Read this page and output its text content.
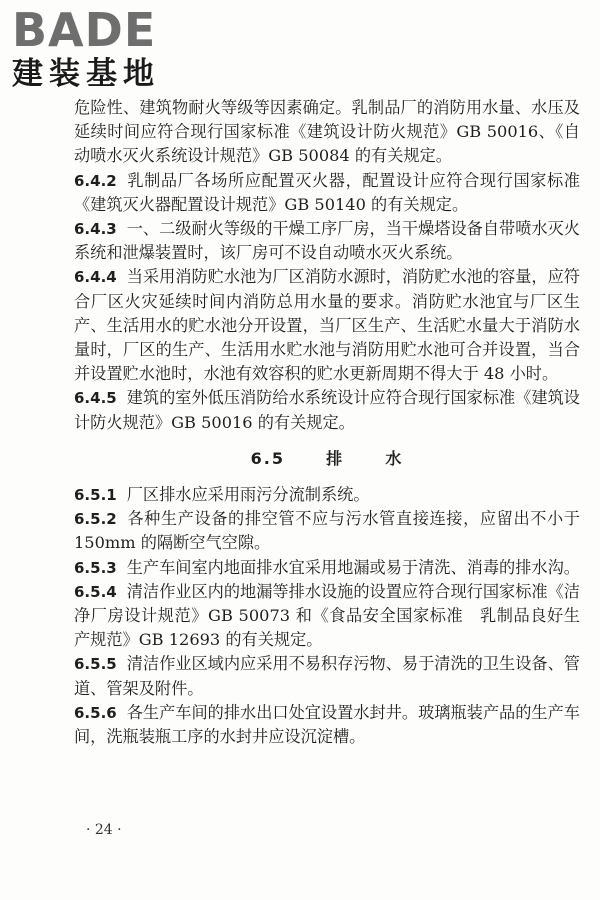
BADE
建装基地

危险性、建筑物耐火等级等因素确定。乳制品厂的消防用水量、水压及延续时间应符合现行国家标准《建筑设计防火规范》GB 50016、《自动喷水灭火系统设计规范》GB 50084 的有关规定。

6.4.2 乳制品厂各场所应配置灭火器，配置设计应符合现行国家标准《建筑灭火器配置设计规范》GB 50140 的有关规定。

6.4.3 一、二级耐火等级的干燥工序厂房，当干燥塔设备自带喷水灭火系统和泄爆装置时，该厂房可不设自动喷水灭火系统。

6.4.4 当采用消防贮水池为厂区消防水源时，消防贮水池的容量，应符合厂区火灾延续时间内消防总用水量的要求。消防贮水池宜与厂区生产、生活用水的贮水池分开设置，当厂区生产、生活贮水量大于消防水量时，厂区的生产、生活用水贮水池与消防用贮水池可合并设置，当合并设置贮水池时，水池有效容积的贮水更新周期不得大于 48 小时。

6.4.5 建筑的室外低压消防给水系统设计应符合现行国家标准《建筑设计防火规范》GB 50016 的有关规定。

6.5	排	水

6.5.1 厂区排水应采用雨污分流制系统。

6.5.2 各种生产设备的排空管不应与污水管直接连接，应留出不小于 150mm 的隔断空气空隙。

6.5.3 生产车间室内地面排水宜采用地漏或易于清洗、消毒的排水沟。

6.5.4 清洁作业区内的地漏等排水设施的设置应符合现行国家标准《洁净厂房设计规范》GB 50073 和《食品安全国家标准　乳制品良好生产规范》GB 12693 的有关规定。

6.5.5 清洁作业区域内应采用不易积存污物、易于清洗的卫生设备、管道、管架及附件。

6.5.6 各生产车间的排水出口处宜设置水封井。玻璃瓶装产品的生产车间，洗瓶装瓶工序的水封井应设沉淀槽。

· 24 ·
